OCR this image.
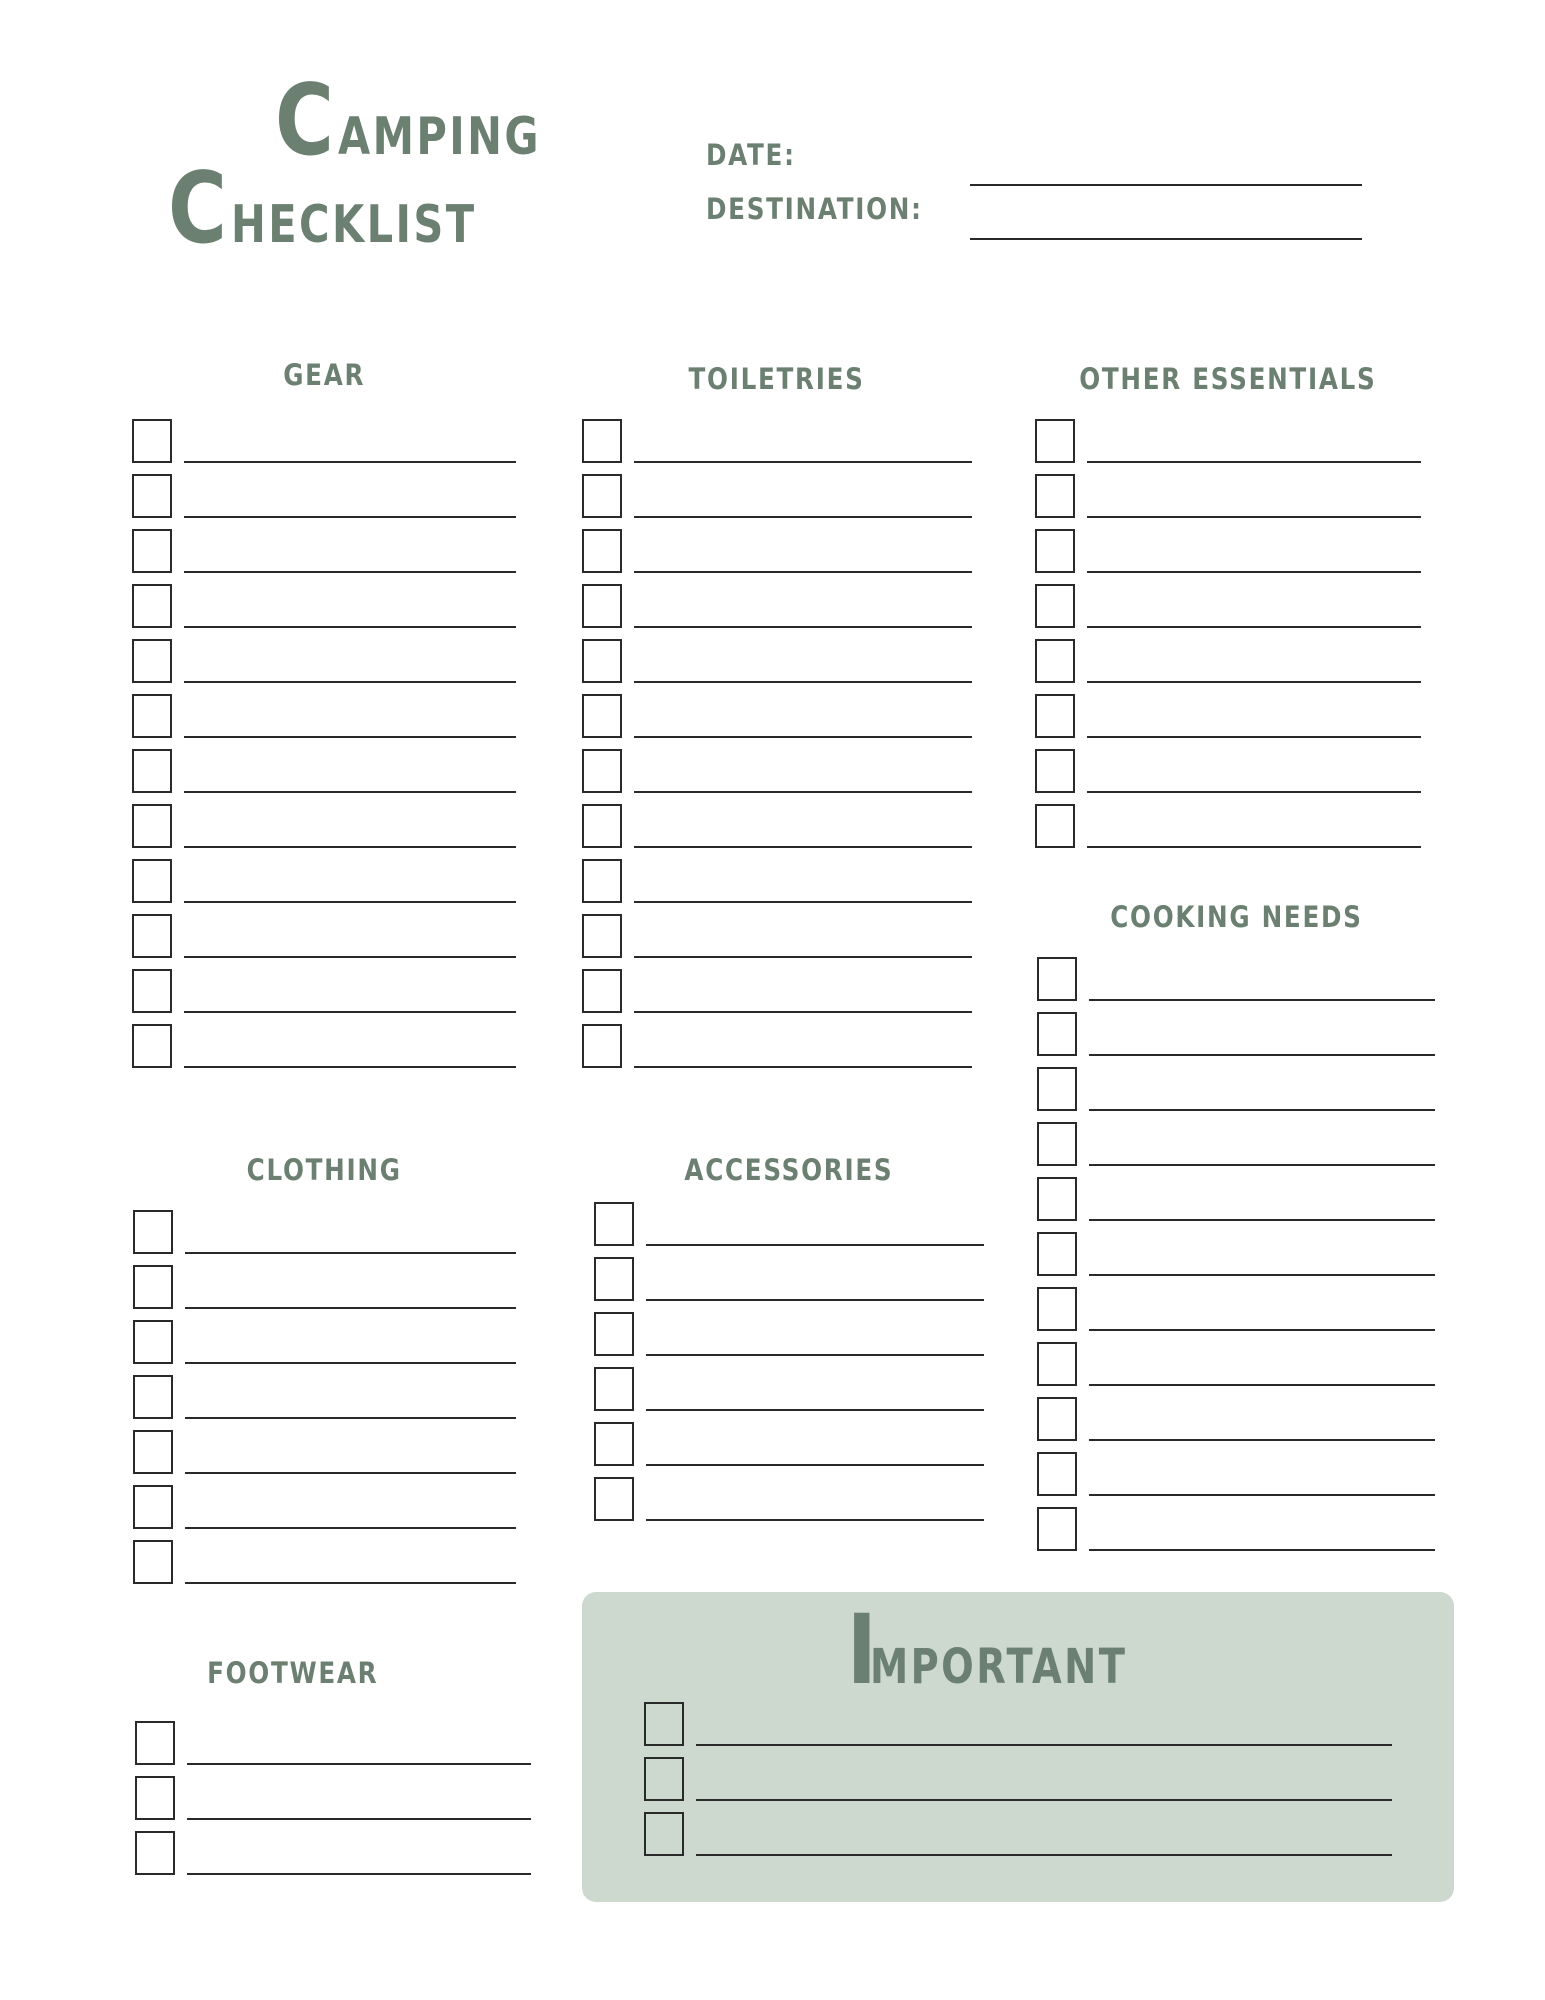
CAMPING
CHECKLIST
DATE:
DESTINATION:
GEAR	TOILETRIES	OTHER ESSENTIALS
COOKING NEEDS
CLOTHING	ACCESSORIES
FOOTWEAR	IMPORTANT
